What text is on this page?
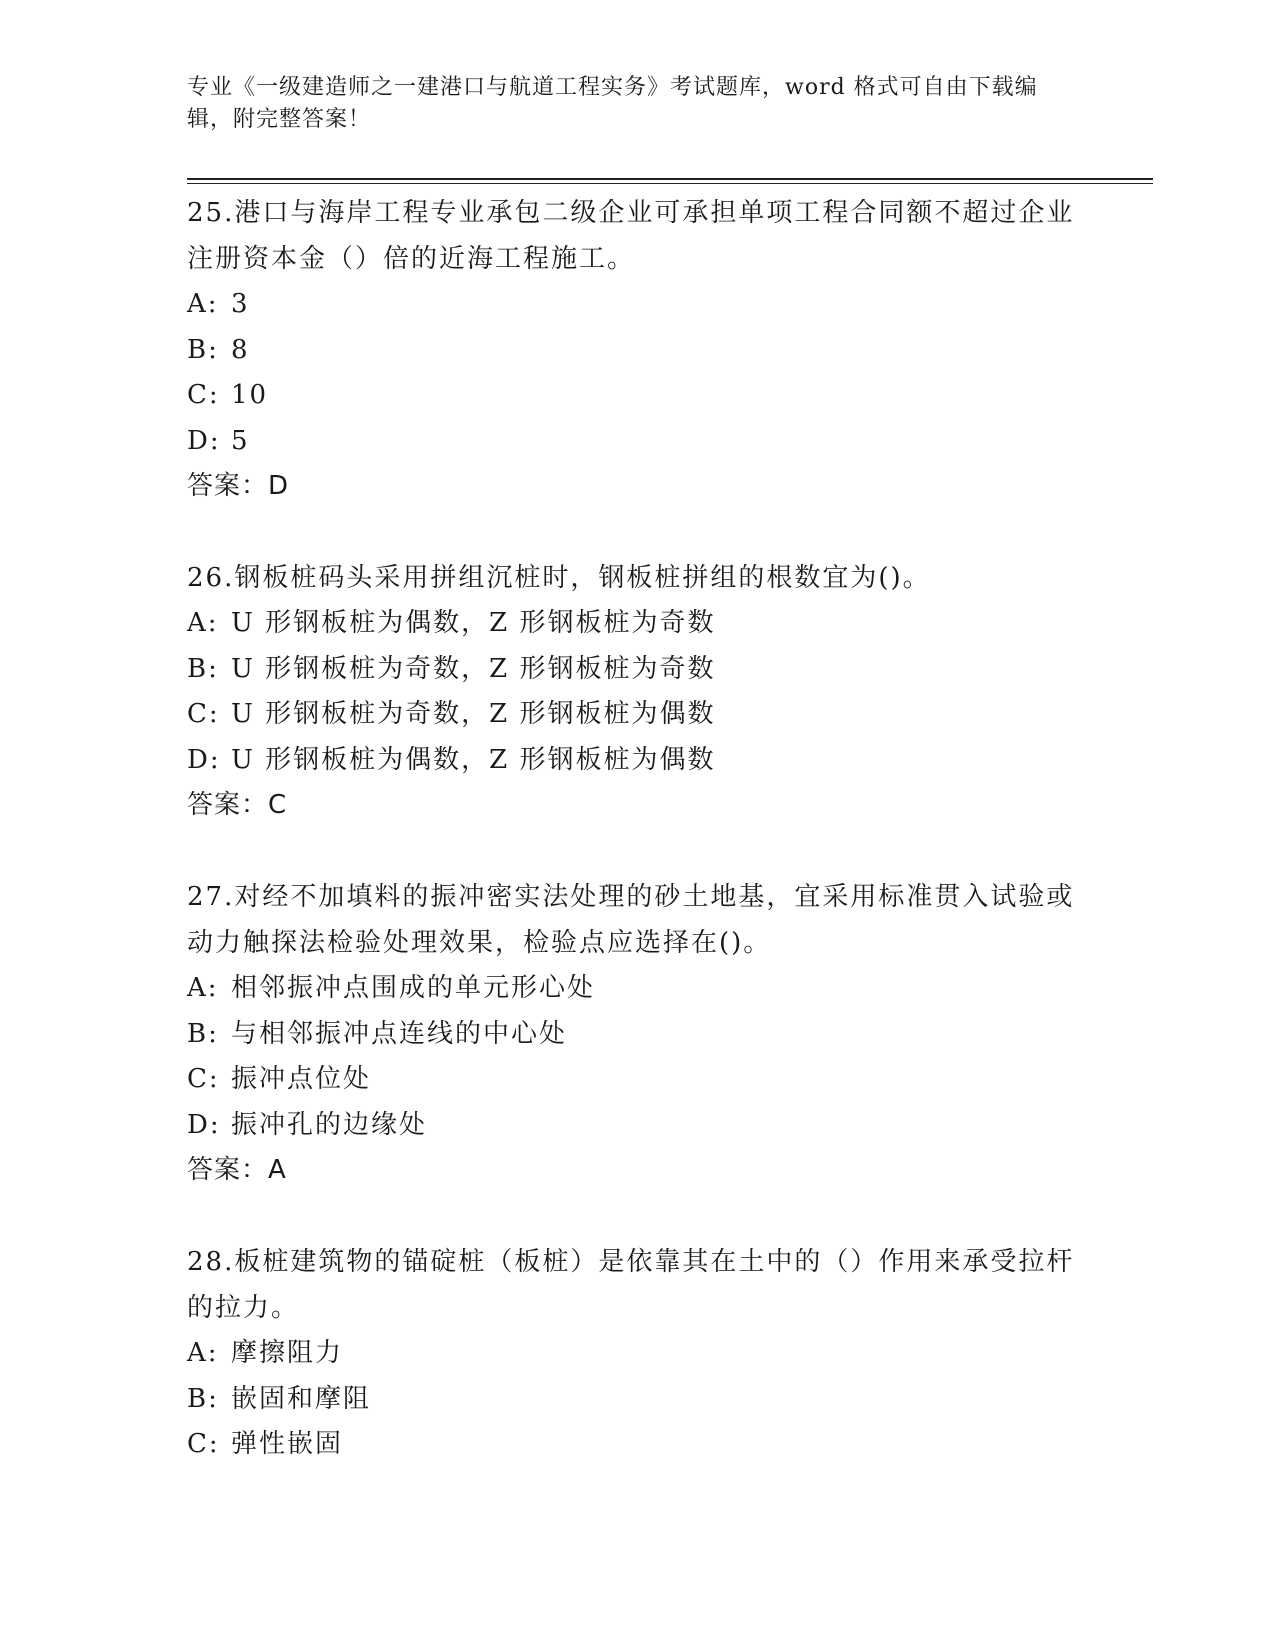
专业《一级建造师之一建港口与航道工程实务》考试题库，word 格式可自由下载编辑，附完整答案！
25.港口与海岸工程专业承包二级企业可承担单项工程合同额不超过企业注册资本金（）倍的近海工程施工。
A: 3
B: 8
C: 10
D: 5
答案：D
26.钢板桩码头采用拼组沉桩时，钢板桩拼组的根数宜为()。
A: U 形钢板桩为偶数，Z 形钢板桩为奇数
B: U 形钢板桩为奇数，Z 形钢板桩为奇数
C: U 形钢板桩为奇数，Z 形钢板桩为偶数
D: U 形钢板桩为偶数，Z 形钢板桩为偶数
答案：C
27.对经不加填料的振冲密实法处理的砂土地基，宜采用标准贯入试验或动力触探法检验处理效果，检验点应选择在()。
A: 相邻振冲点围成的单元形心处
B: 与相邻振冲点连线的中心处
C: 振冲点位处
D: 振冲孔的边缘处
答案：A
28.板桩建筑物的锚碇桩（板桩）是依靠其在土中的（）作用来承受拉杆的拉力。
A: 摩擦阻力
B: 嵌固和摩阻
C: 弹性嵌固
